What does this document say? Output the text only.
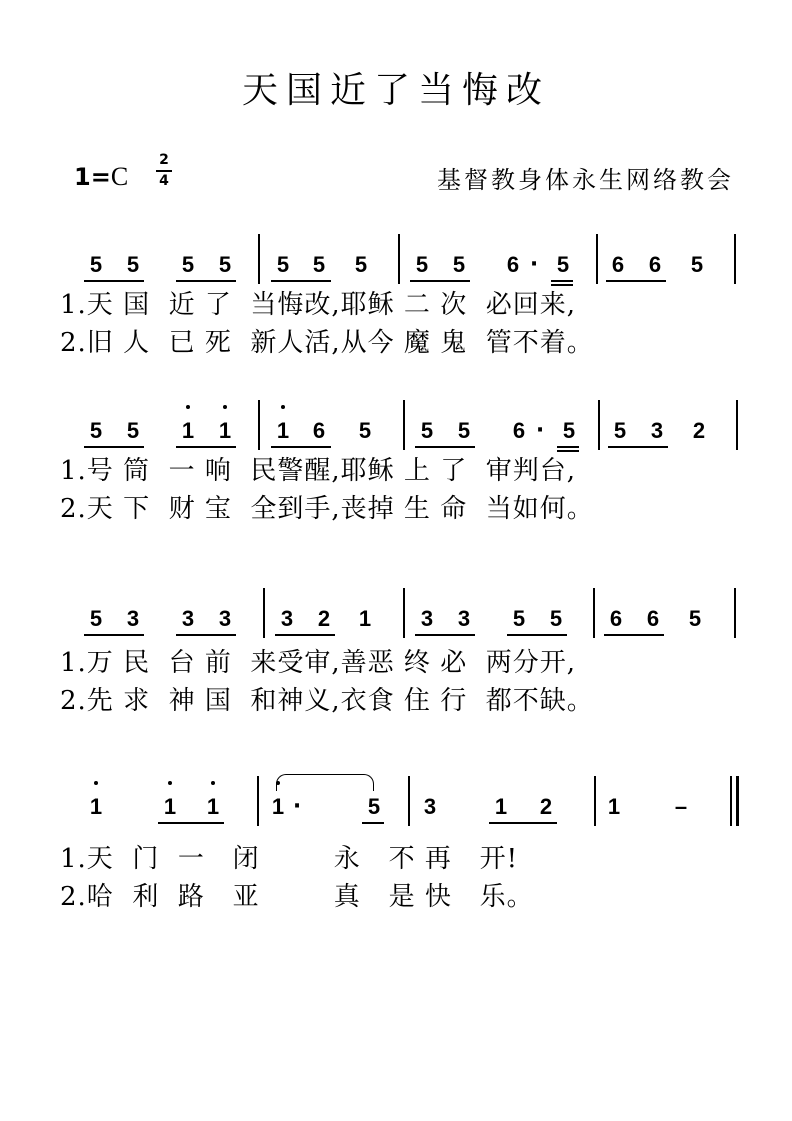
天国近了当悔改
1=C
2
4	基督教身体永生网络教会
5	5	5	5	5	5	5	5	5	6 · 5	6	6	5
1.天 国  近 了  当悔改,耶稣 二 次  必回来,
2.旧 人  已 死  新人活,从今 魔 鬼  管不着。
5	5	1	1	1	6	5	5	5	6 · 5	5	3	2
1.号 筒  一 响  民警醒,耶稣 上 了  审判台,
2.天 下  财 宝  全到手,丧掉 生 命  当如何。
5	3	3	3	3	2	1	3	3	5	5	6	6	5
1.万 民  台 前  来受审,善恶 终 必  两分开,
2.先 求  神 国  和神义,衣食 住 行  都不缺。
1	1	1	1 ·	5	3	1	2	1	–
1.天  门  一   闭        永   不 再   开!
2.哈  利  路   亚        真   是 快   乐。
